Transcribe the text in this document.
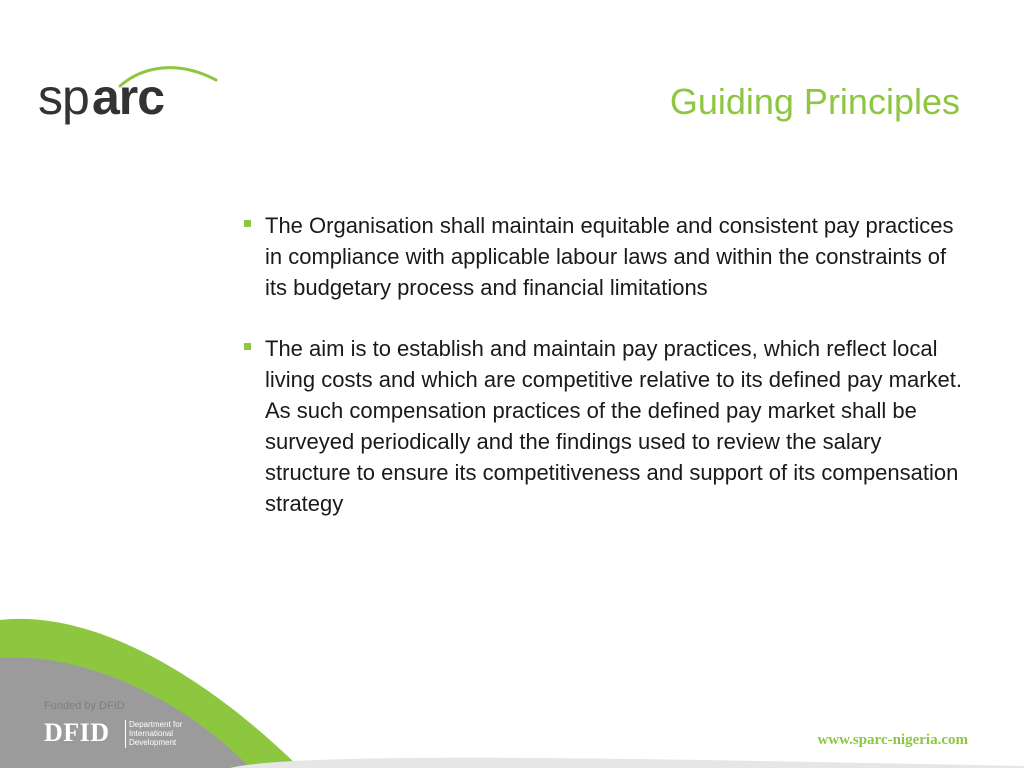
sp arc	Guiding Principles
The Organisation shall maintain equitable and consistent pay practices in compliance with applicable labour laws and within the constraints of its budgetary process and financial limitations
The aim is to establish and maintain pay practices, which reflect local living costs and which are competitive relative to its defined pay market. As such compensation practices of the defined pay market shall be surveyed periodically and the findings used to review the salary structure to ensure its competitiveness and support of its compensation strategy
Funded by DFID
DFID Department for International Development	www.sparc-nigeria.com
